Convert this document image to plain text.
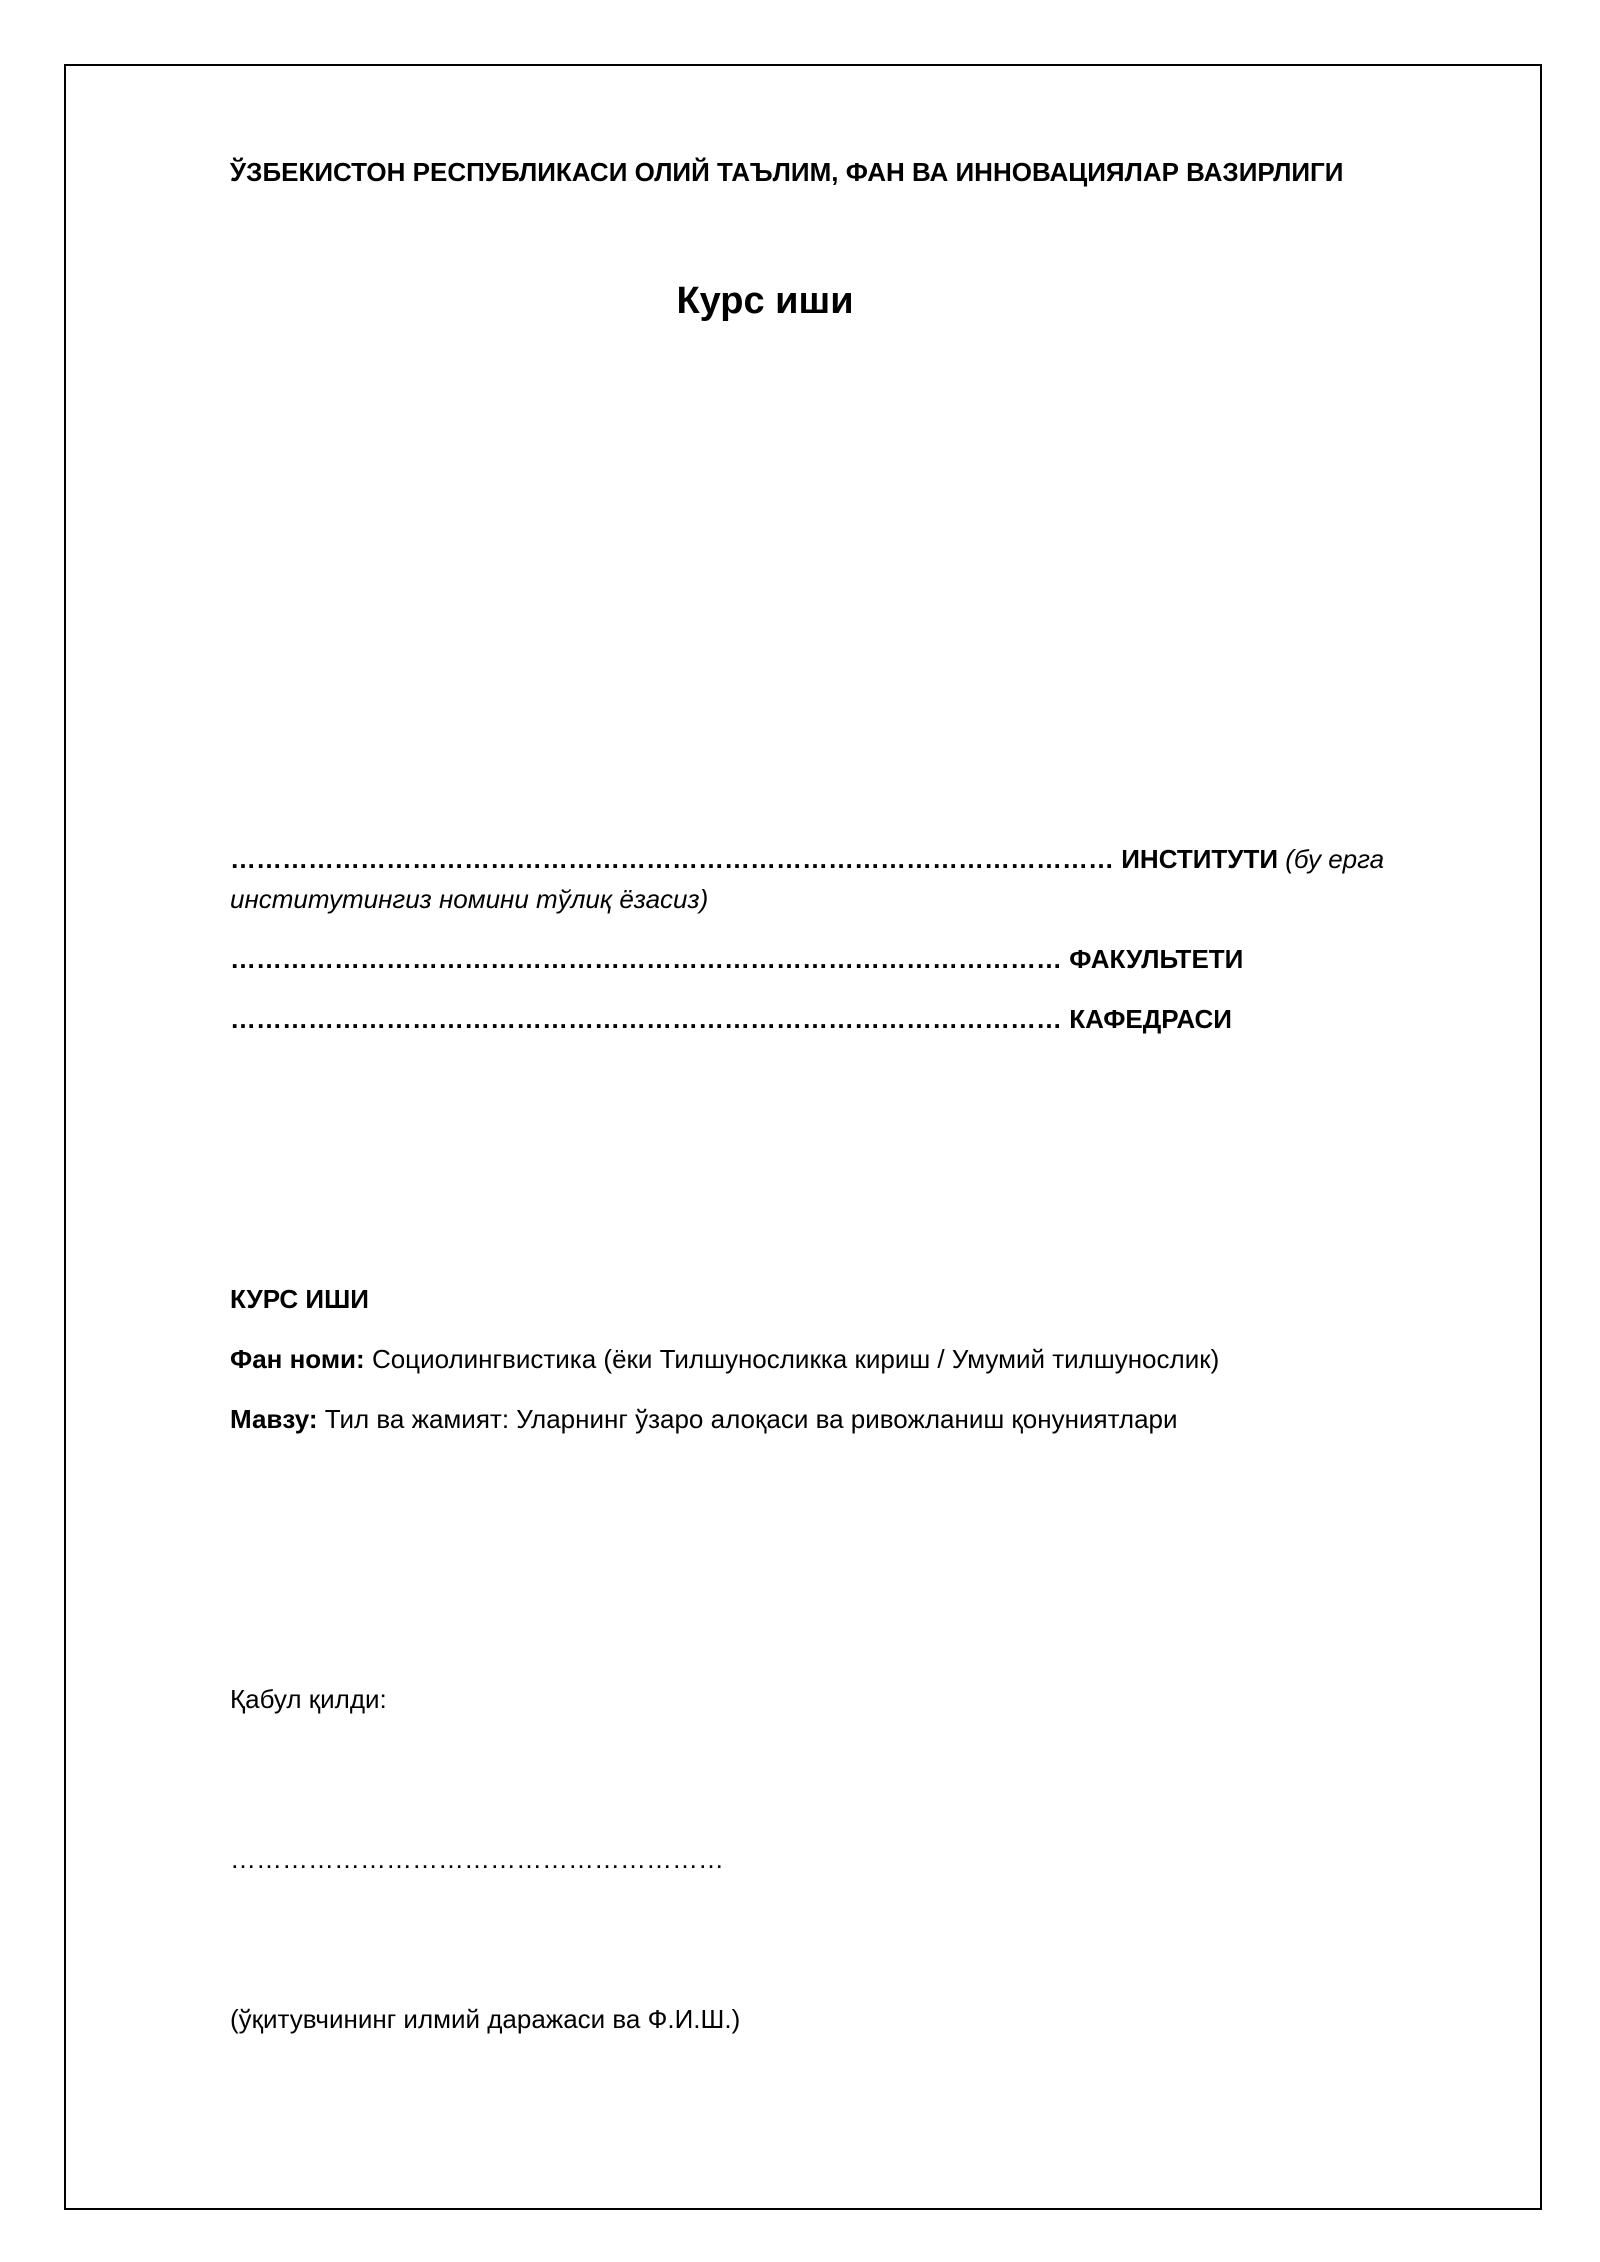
ЎЗБЕКИСТОН РЕСПУБЛИКАСИ ОЛИЙ ТАЪЛИМ, ФАН ВА ИННОВАЦИЯЛАР ВАЗИРЛИГИ
Курс иши
………………………………………………………………………………………… ИНСТИТУТИ (бу ерга
институтингиз номини тўлиқ ёзасиз)
…………………………………………………………………………………… ФАКУЛЬТЕТИ
…………………………………………………………………………………… КАФЕДРАСИ
КУРС ИШИ
Фан номи: Социолингвистика (ёки Тилшуносликка кириш / Умумий тилшунослик)
Мавзу: Тил ва жамият: Уларнинг ўзаро алоқаси ва ривожланиш қонуниятлари
Қабул қилди:
…………………………………………………
(ўқитувчининг илмий даражаси ва Ф.И.Ш.)
